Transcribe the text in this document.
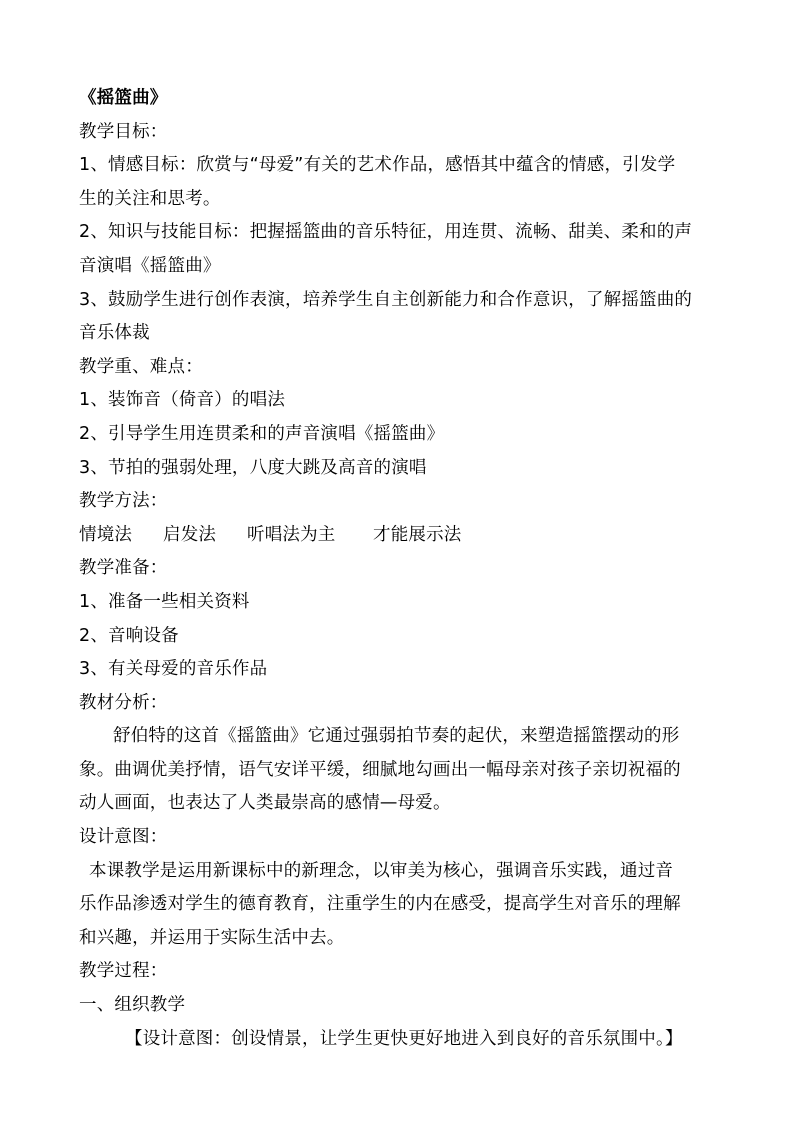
《摇篮曲》
教学目标：
1、情感目标：欣赏与“母爱”有关的艺术作品，感悟其中蕴含的情感，引发学
生的关注和思考。
2、知识与技能目标：把握摇篮曲的音乐特征，用连贯、流畅、甜美、柔和的声
音演唱《摇篮曲》
3、鼓励学生进行创作表演，培养学生自主创新能力和合作意识，了解摇篮曲的
音乐体裁
教学重、难点：
1、装饰音（倚音）的唱法
2、引导学生用连贯柔和的声音演唱《摇篮曲》
3、节拍的强弱处理，八度大跳及高音的演唱
教学方法：
情境法 启发法 听唱法为主 才能展示法
教学准备：
1、准备一些相关资料
2、音响设备
3、有关母爱的音乐作品
教材分析：
舒伯特的这首《摇篮曲》它通过强弱拍节奏的起伏，来塑造摇篮摆动的形
象。曲调优美抒情，语气安详平缓，细腻地勾画出一幅母亲对孩子亲切祝福的
动人画面，也表达了人类最崇高的感情—母爱。
设计意图：
本课教学是运用新课标中的新理念，以审美为核心，强调音乐实践，通过音
乐作品渗透对学生的德育教育，注重学生的内在感受，提高学生对音乐的理解
和兴趣，并运用于实际生活中去。
教学过程：
一、组织教学
【设计意图：创设情景，让学生更快更好地进入到良好的音乐氛围中。】
